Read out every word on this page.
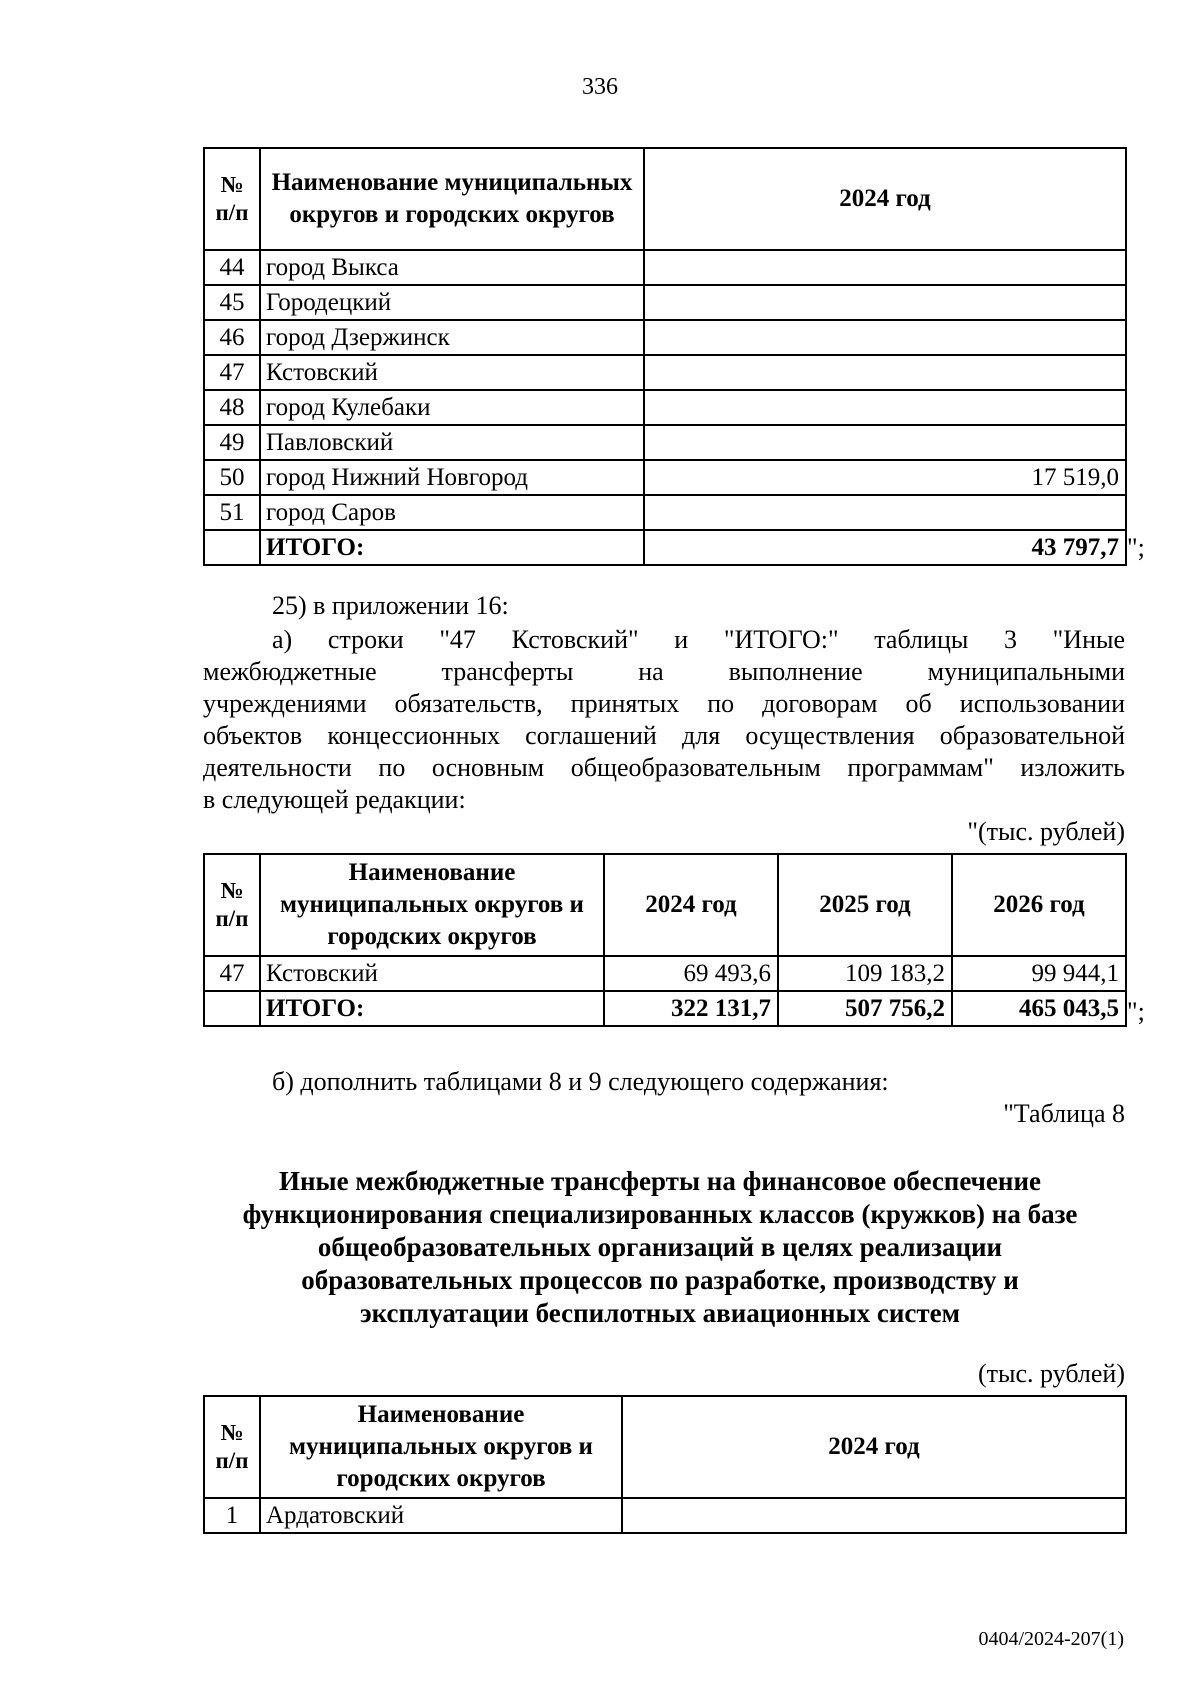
336
№ п/п	Наименование муниципальных округов и городских округов	2024 год
44	город Выкса	
45	Городецкий	
46	город Дзержинск	
47	Кстовский	
48	город Кулебаки	
49	Павловский	
50	город Нижний Новгород	17 519,0
51	город Саров	
	ИТОГО:	43 797,7 ";
25) в приложении 16:
а) строки "47 Кстовский" и "ИТОГО:" таблицы 3 "Иные
межбюджетные трансферты на выполнение муниципальными
учреждениями обязательств, принятых по договорам об использовании
объектов концессионных соглашений для осуществления образовательной
деятельности по основным общеобразовательным программам" изложить
в следующей редакции:
"(тыс. рублей)
№ п/п	Наименование муниципальных округов и городских округов	2024 год	2025 год	2026 год
47	Кстовский	69 493,6	109 183,2	99 944,1
	ИТОГО:	322 131,7	507 756,2	465 043,5 ";
б) дополнить таблицами 8 и 9 следующего содержания:
"Таблица 8
Иные межбюджетные трансферты на финансовое обеспечение
функционирования специализированных классов (кружков) на базе
общеобразовательных организаций в целях реализации
образовательных процессов по разработке, производству и
эксплуатации беспилотных авиационных систем
(тыс. рублей)
№ п/п	Наименование муниципальных округов и городских округов	2024 год
1	Ардатовский	
0404/2024-207(1)
